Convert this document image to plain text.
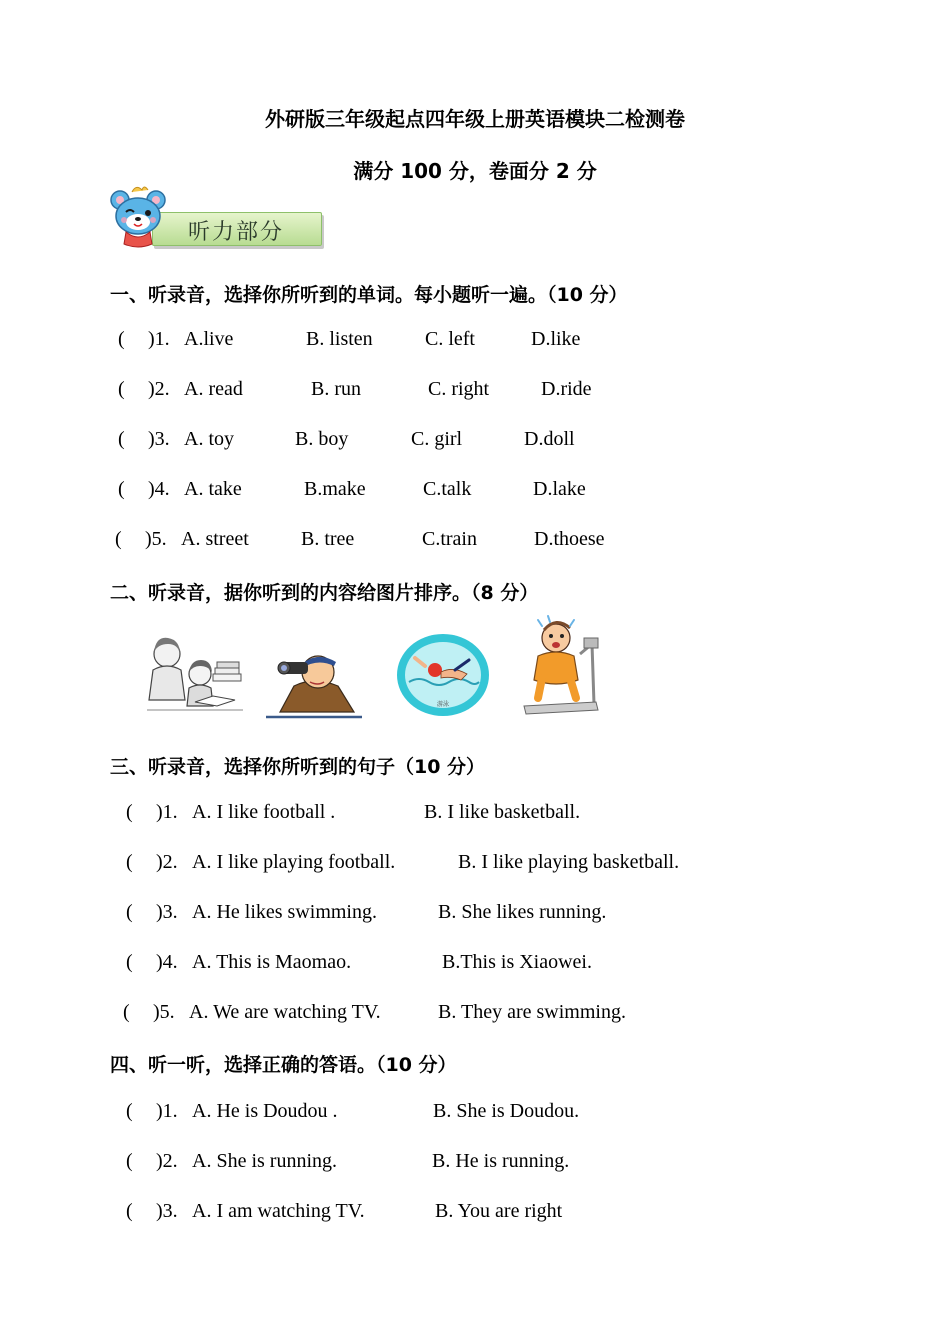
外研版三年级起点四年级上册英语模块二检测卷
满分 100 分，卷面分 2 分
听力部分
一、听录音，选择你所听到的单词。每小题听一遍。（10 分）
( )1. A.live	B. listen	C. left	D.like
( )2. A. read	B. run	C. right	D.ride
( )3. A. toy	B. boy	C. girl	D.doll
( )4. A. take	B.make	C.talk	D.lake
( )5. A. street	B. tree	C.train	D.thoese
二、听录音，据你听到的内容给图片排序。（8 分）
游泳
三、听录音，选择你所听到的句子（10 分）
( )1. A. I like football .	B. I like basketball.
( )2. A. I like playing football.	B. I like playing basketball.
( )3. A. He likes swimming.	B. She likes running.
( )4. A. This is Maomao.	B.This is Xiaowei.
( )5. A. We are watching TV.	B. They are swimming.
四、听一听，选择正确的答语。（10 分）
( )1. A. He is Doudou .	B. She is Doudou.
( )2. A. She is running.	B. He is running.
( )3. A. I am watching TV.	B. You are right
